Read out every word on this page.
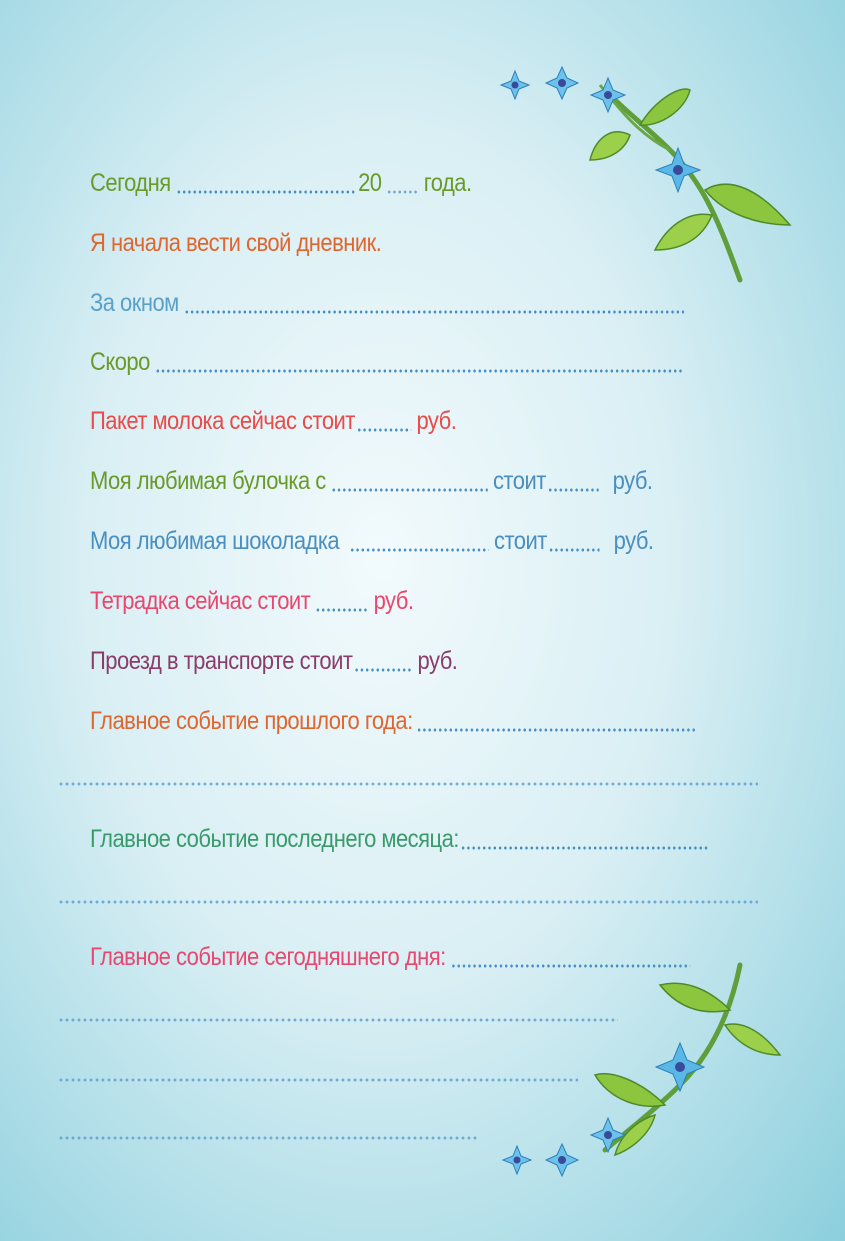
Сегодня	20 года.
Я начала вести свой дневник.
За окном
Скоро
Пакет молока сейчас стоит руб.
Моя любимая булочка с	стоит	руб.
Моя любимая шоколадка	стоит	руб.
Тетрадка сейчас стоит	руб.
Проезд в транспорте стоит	руб.
Главное событие прошлого года:
Главное событие последнего месяца:
Главное событие сегодняшнего дня:
